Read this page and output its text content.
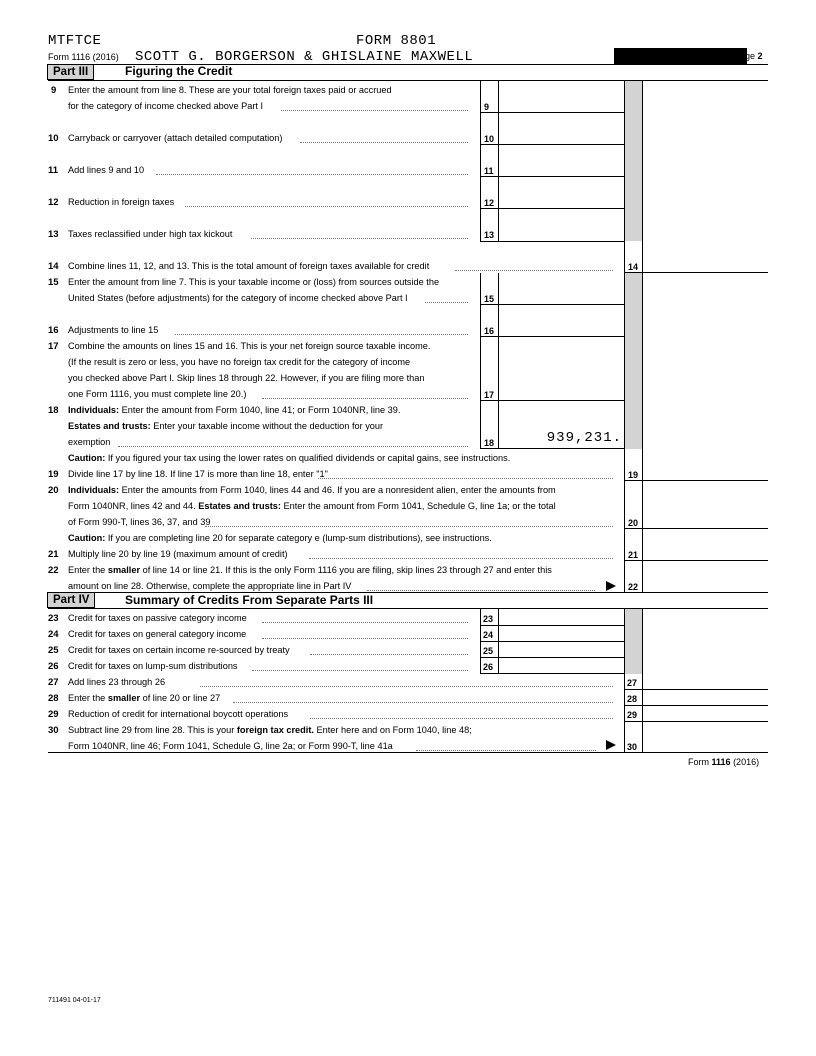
MTFTCE	FORM 8801
Form 1116 (2016) SCOTT G. BORGERSON & GHISLAINE MAXWELL	Page 2
Part III	Figuring the Credit
Part IV	Summary of Credits From Separate Parts III
9 Enter the amount from line 8. These are your total foreign taxes paid or accrued
for the category of income checked above Part I	9
10 Carryback or carryover (attach detailed computation)	10
11 Add lines 9 and 10	11
12 Reduction in foreign taxes	12
13 Taxes reclassified under high tax kickout	13
14 Combine lines 11, 12, and 13. This is the total amount of foreign taxes available for credit	14
15 Enter the amount from line 7. This is your taxable income or (loss) from sources outside the
United States (before adjustments) for the category of income checked above Part I	15
16 Adjustments to line 15	16
17 Combine the amounts on lines 15 and 16. This is your net foreign source taxable income.
(If the result is zero or less, you have no foreign tax credit for the category of income
you checked above Part I. Skip lines 18 through 22. However, if you are filing more than
one Form 1116, you must complete line 20.)	17
18 Individuals: Enter the amount from Form 1040, line 41; or Form 1040NR, line 39.
Estates and trusts: Enter your taxable income without the deduction for your
exemption	18	939,231.
Caution: If you figured your tax using the lower rates on qualified dividends or capital gains, see instructions.
19 Divide line 17 by line 18. If line 17 is more than line 18, enter "1"	19
20 Individuals: Enter the amounts from Form 1040, lines 44 and 46. If you are a nonresident alien, enter the amounts from
Form 1040NR, lines 42 and 44. Estates and trusts: Enter the amount from Form 1041, Schedule G, line 1a; or the total
of Form 990-T, lines 36, 37, and 39	20
Caution: If you are completing line 20 for separate category e (lump-sum distributions), see instructions.
21 Multiply line 20 by line 19 (maximum amount of credit)	21
22 Enter the smaller of line 14 or line 21. If this is the only Form 1116 you are filing, skip lines 23 through 27 and enter this
amount on line 28. Otherwise, complete the appropriate line in Part IV	22
23 Credit for taxes on passive category income	23
24 Credit for taxes on general category income	24
25 Credit for taxes on certain income re-sourced by treaty	25
26 Credit for taxes on lump-sum distributions	26
27 Add lines 23 through 26	27
28 Enter the smaller of line 20 or line 27	28
29 Reduction of credit for international boycott operations	29
30 Subtract line 29 from line 28. This is your foreign tax credit. Enter here and on Form 1040, line 48;
Form 1040NR, line 46; Form 1041, Schedule G, line 2a; or Form 990-T, line 41a	30
Form 1116 (2016)
711491 04-01-17
